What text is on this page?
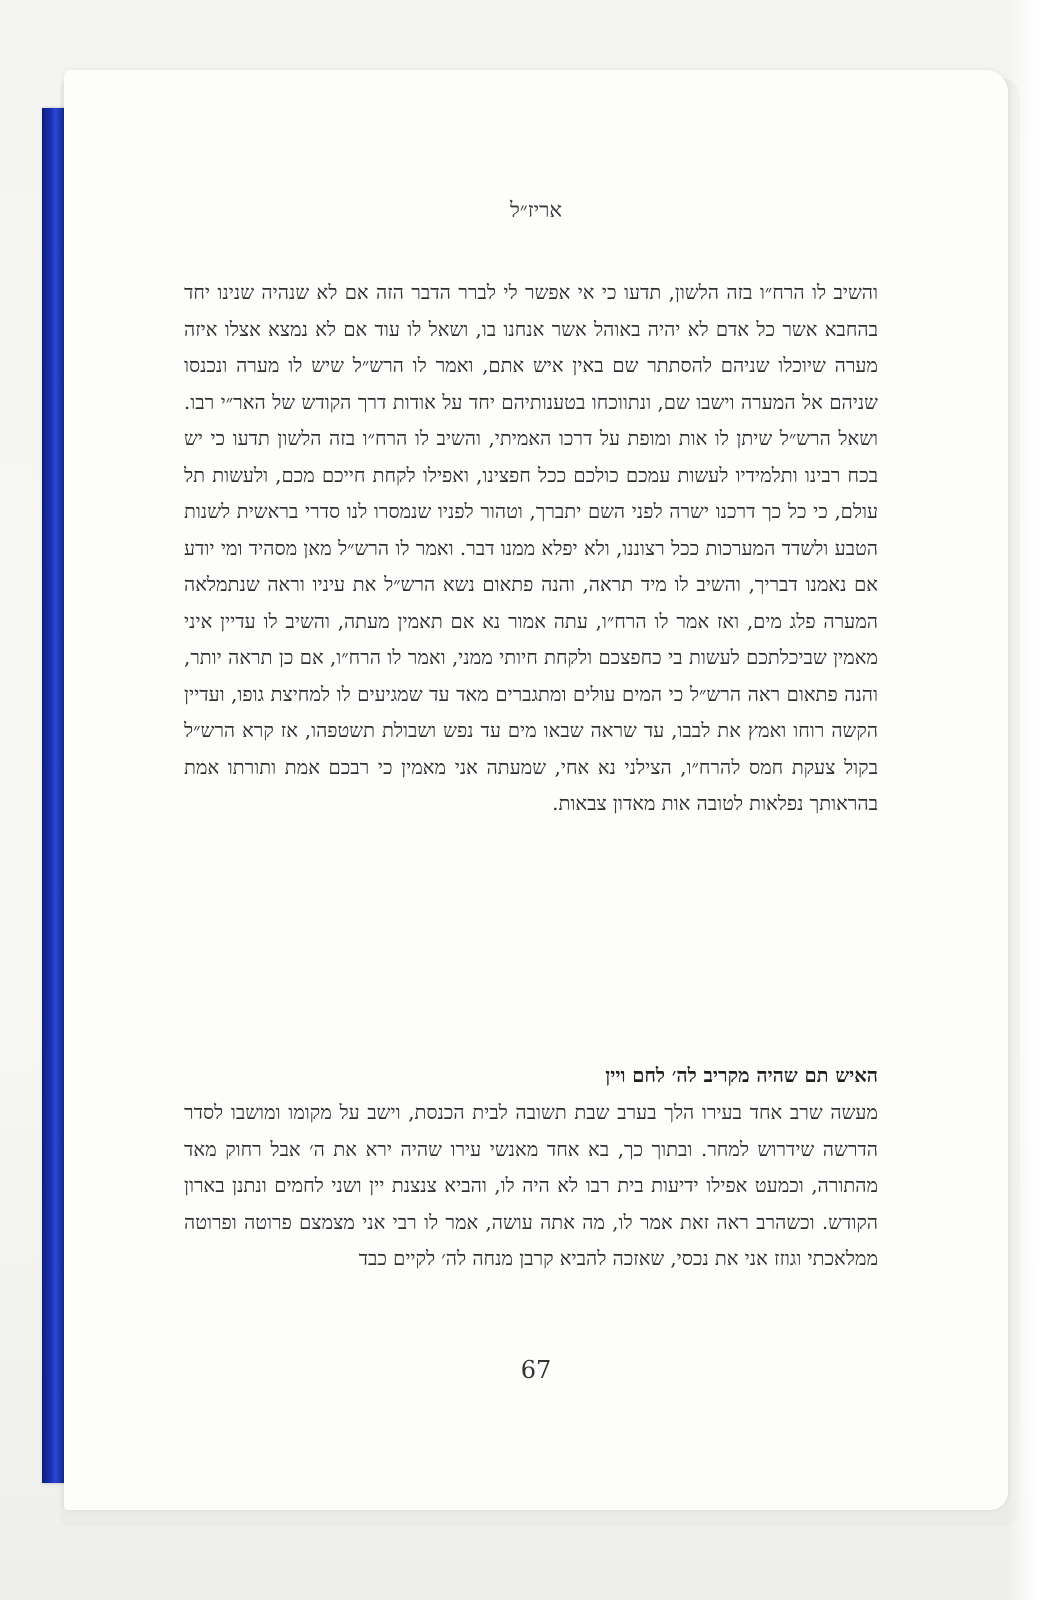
אריז״ל

והשיב לו הרח״ו בזה הלשון, תדעו כי אי אפשר לי לברר הדבר הזה אם לא שנהיה שנינו יחד בהחבא אשר כל אדם לא יהיה באוהל אשר אנחנו בו, ושאל לו עוד אם לא נמצא אצלו איזה מערה שיוכלו שניהם להסתתר שם באין איש אתם, ואמר לו הרש״ל שיש לו מערה ונכנסו שניהם אל המערה וישבו שם, ונתווכחו בטענותיהם יחד על אודות דרך הקודש של האר״י רבו. ושאל הרש״ל שיתן לו אות ומופת על דרכו האמיתי, והשיב לו הרח״ו בזה הלשון תדעו כי יש בכח רבינו ותלמידיו לעשות עמכם כולכם ככל חפצינו, ואפילו לקחת חייכם מכם, ולעשות תל עולם, כי כל כך דרכנו ישרה לפני השם יתברך, וטהור לפניו שנמסרו לנו סדרי בראשית לשנות הטבע ולשדד המערכות ככל רצוננו, ולא יפלא ממנו דבר. ואמר לו הרש״ל מאן מסהיד ומי יודע אם נאמנו דבריך, והשיב לו מיד תראה, והנה פתאום נשא הרש״ל את עיניו וראה שנתמלאה המערה פלג מים, ואז אמר לו הרח״ו, עתה אמור נא אם תאמין מעתה, והשיב לו עדיין איני מאמין שביכלתכם לעשות בי כחפצכם ולקחת חיותי ממני, ואמר לו הרח״ו, אם כן תראה יותר, והנה פתאום ראה הרש״ל כי המים עולים ומתגברים מאד עד שמגיעים לו למחיצת גופו, ועדיין הקשה רוחו ואמץ את לבבו, עד שראה שבאו מים עד נפש ושבולת תשטפהו, אז קרא הרש״ל בקול צעקת חמס להרח״ו, הצילני נא אחי, שמעתה אני מאמין כי רבכם אמת ותורתו אמת בהראותך נפלאות לטובה אות מאדון צבאות.

האיש תם שהיה מקריב לה׳ לחם ויין

מעשה שרב אחד בעירו הלך בערב שבת תשובה לבית הכנסת, וישב על מקומו ומושבו לסדר הדרשה שידרוש למחר. ובתוך כך, בא אחד מאנשי עירו שהיה ירא את ה׳ אבל רחוק מאד מהתורה, וכמעט אפילו ידיעות בית רבו לא היה לו, והביא צנצנת יין ושני לחמים ונתנן בארון הקודש. וכשהרב ראה זאת אמר לו, מה אתה עושה, אמר לו רבי אני מצמצם פרוטה ופרוטה ממלאכתי וגוזז אני את נכסי, שאזכה להביא קרבן מנחה לה׳ לקיים כבד

67
